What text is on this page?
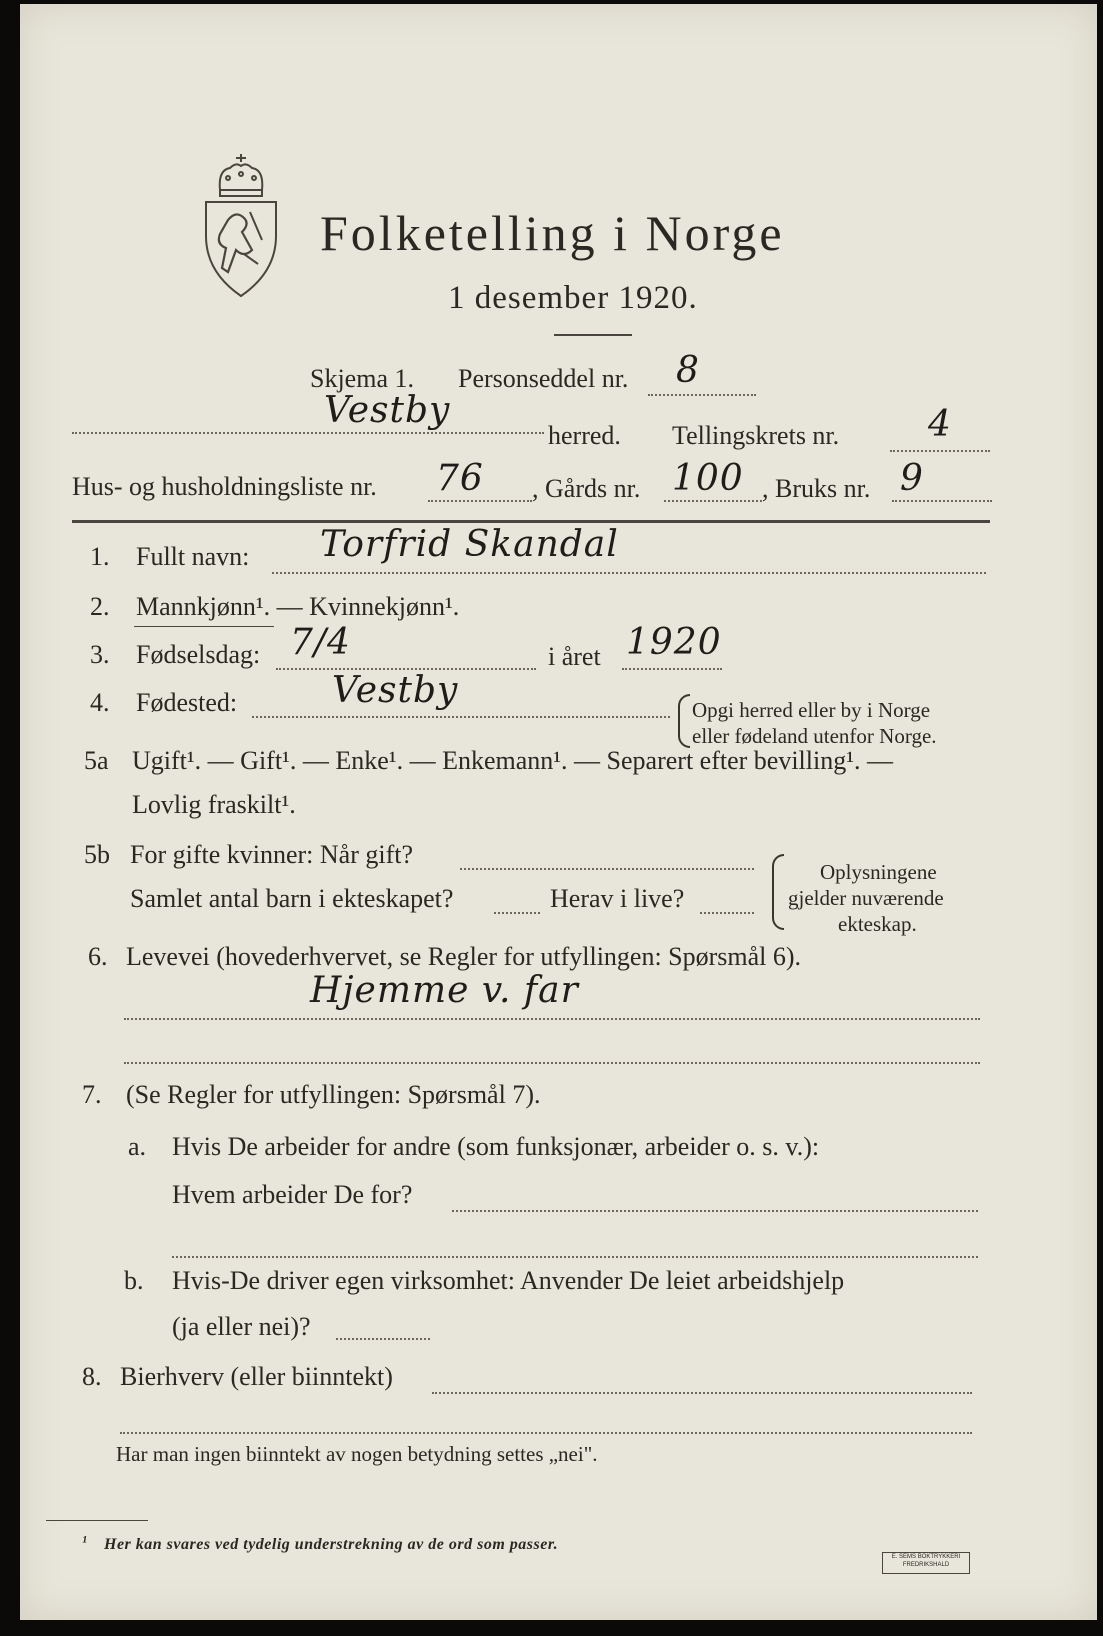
Folketelling i Norge
1 desember 1920.
Skjema 1. Personseddel nr. 8
Vestby
herred. Tellingskrets nr. 4
Hus- og husholdningsliste nr. 76 , Gårds nr. 100 , Bruks nr. 9
1. Fullt navn: Torfrid Skandal
2. Mannkjønn¹. — Kvinnekjønn¹.
3. Fødselsdag: 7/4	i året 1920
4. Fødested:	Vestby	Opgi herred eller by i Norge
eller fødeland utenfor Norge.
5a Ugift¹. — Gift¹. — Enke¹. — Enkemann¹. — Separert efter bevilling¹. —
Lovlig fraskilt¹.
5b For gifte kvinner: Når gift?
Samlet antal barn i ekteskapet?	Herav i live?
Oplysningene
gjelder nuværende
ekteskap.
6. Levevei (hovederhvervet, se Regler for utfyllingen: Spørsmål 6).
Hjemme v. far
7. (Se Regler for utfyllingen: Spørsmål 7).
a. Hvis De arbeider for andre (som funksjonær, arbeider o. s. v.):
Hvem arbeider De for?
b. Hvis-De driver egen virksomhet: Anvender De leiet arbeidshjelp
(ja eller nei)?
8. Bierhverv (eller biinntekt)
Har man ingen biinntekt av nogen betydning settes „nei".
¹ Her kan svares ved tydelig understrekning av de ord som passer.
E. SEMS BOKTRYKKERI FREDRIKSHALD
